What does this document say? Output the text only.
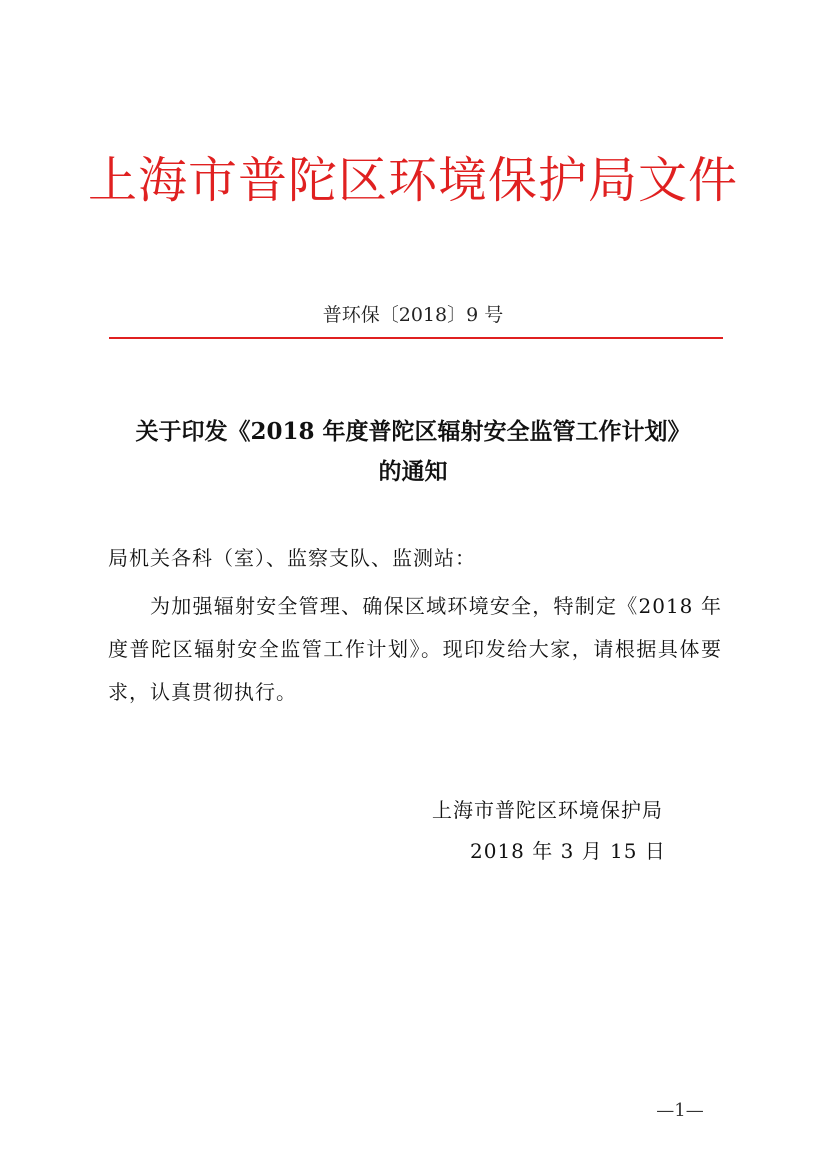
上海市普陀区环境保护局文件
普环保〔2018〕9 号
关于印发《2018 年度普陀区辐射安全监管工作计划》
的通知
局机关各科（室）、监察支队、监测站：
为加强辐射安全管理、确保区域环境安全，特制定《2018 年度普陀区辐射安全监管工作计划》。现印发给大家，请根据具体要求，认真贯彻执行。
上海市普陀区环境保护局
2018 年 3 月 15 日
—1—
